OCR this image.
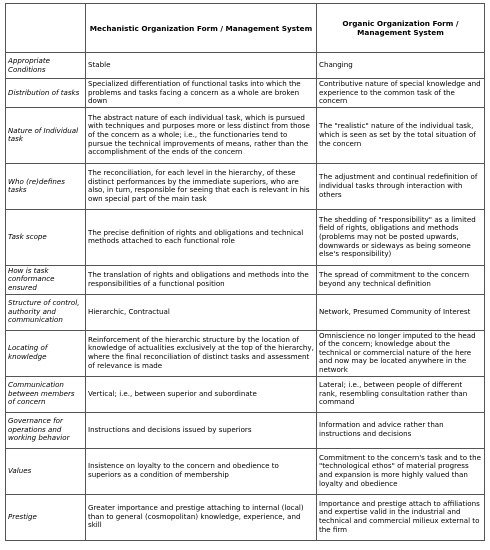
	Mechanistic Organization Form / Management System	Organic Organization Form / Management System
Appropriate Conditions	Stable	Changing
Distribution of tasks	Specialized differentiation of functional tasks into which the problems and tasks facing a concern as a whole are broken down	Contributive nature of special knowledge and experience to the common task of the concern
Nature of Individual task	The abstract nature of each individual task, which is pursued with techniques and purposes more or less distinct from those of the concern as a whole; i.e., the functionaries tend to pursue the technical improvements of means, rather than the accomplishment of the ends of the concern	The "realistic" nature of the individual task, which is seen as set by the total situation of the concern
Who (re)defines tasks	The reconciliation, for each level in the hierarchy, of these distinct performances by the immediate superiors, who are also, in turn, responsible for seeing that each is relevant in his own special part of the main task	The adjustment and continual redefinition of individual tasks through interaction with others
Task scope	The precise definition of rights and obligations and technical methods attached to each functional role	The shedding of "responsibility" as a limited field of rights, obligations and methods (problems may not be posted upwards, downwards or sideways as being someone else's responsibility)
How is task conformance ensured	The translation of rights and obligations and methods into the responsibilities of a functional position	The spread of commitment to the concern beyond any technical definition
Structure of control, authority and communication	Hierarchic, Contractual	Network, Presumed Community of Interest
Locating of knowledge	Reinforcement of the hierarchic structure by the location of knowledge of actualities exclusively at the top of the hierarchy, where the final reconciliation of distinct tasks and assessment of relevance is made	Omniscience no longer imputed to the head of the concern; knowledge about the technical or commercial nature of the here and now may be located anywhere in the network
Communication between members of concern	Vertical; i.e., between superior and subordinate	Lateral; i.e., between people of different rank, resembling consultation rather than command
Governance for operations and working behavior	Instructions and decisions issued by superiors	Information and advice rather than instructions and decisions
Values	Insistence on loyalty to the concern and obedience to superiors as a condition of membership	Commitment to the concern's task and to the "technological ethos" of material progress and expansion is more highly valued than loyalty and obedience
Prestige	Greater importance and prestige attaching to internal (local) than to general (cosmopolitan) knowledge, experience, and skill	Importance and prestige attach to affiliations and expertise valid in the industrial and technical and commercial milieux external to the firm
